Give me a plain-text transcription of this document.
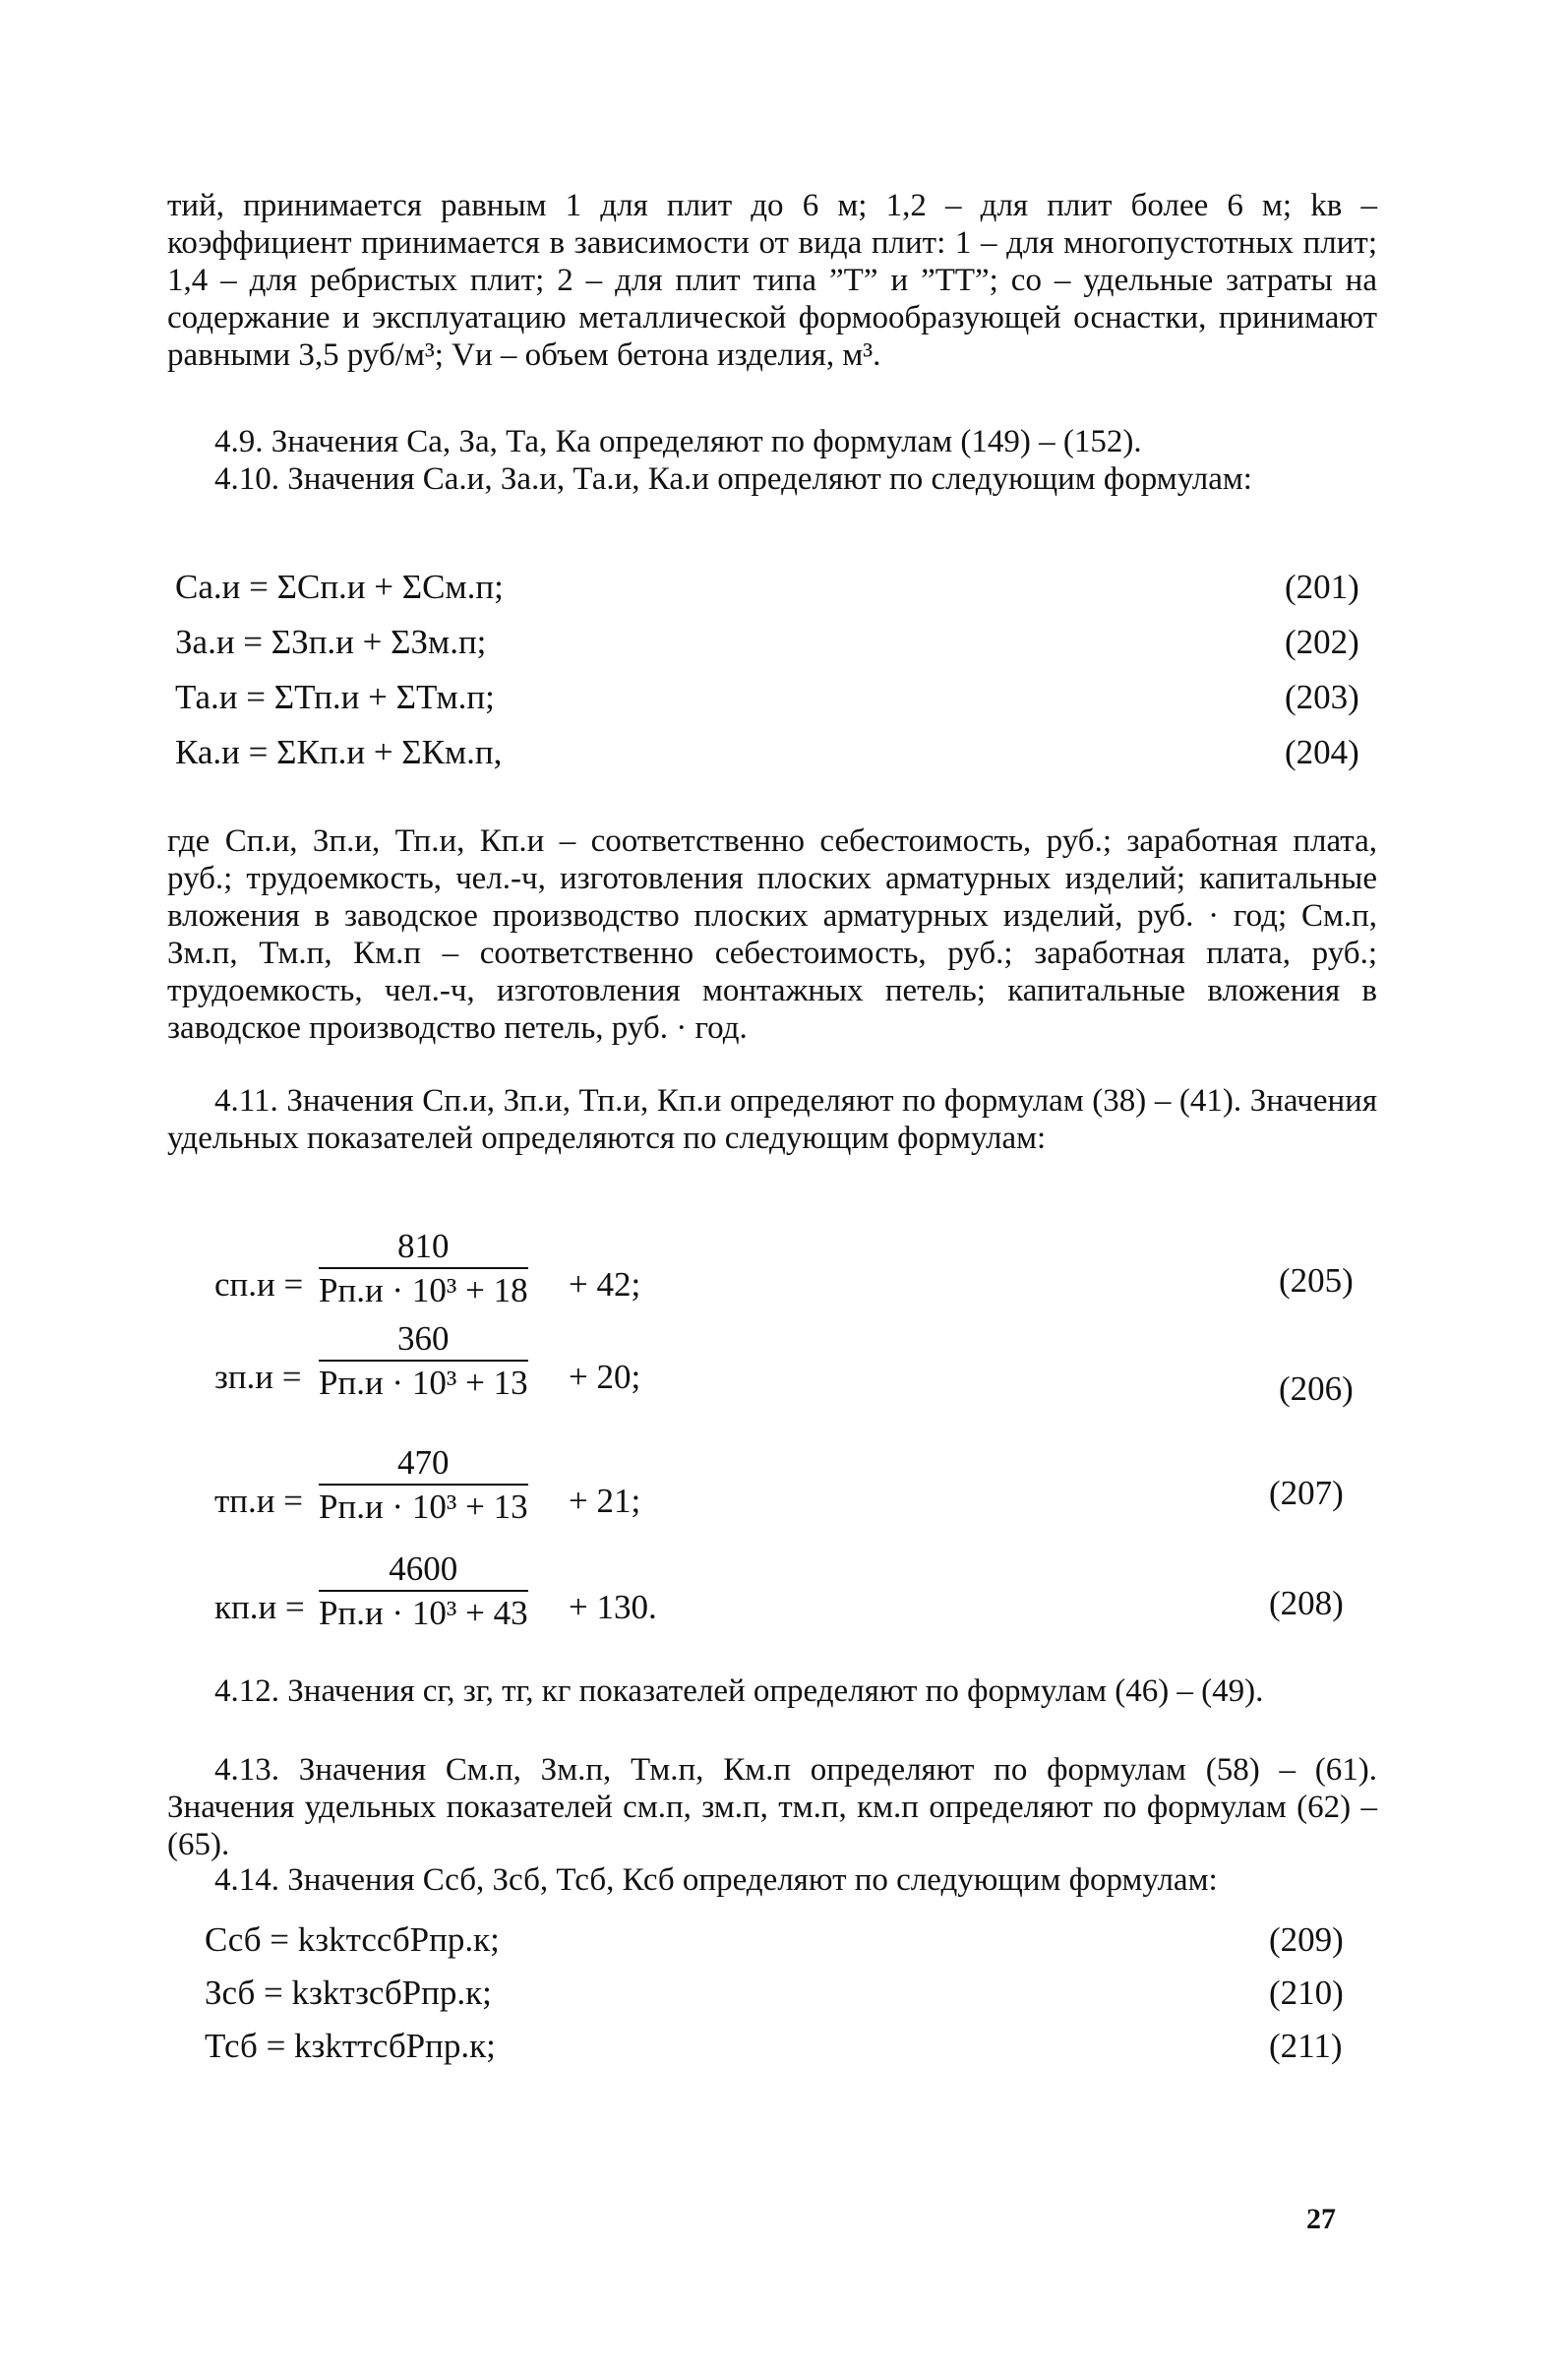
тий, принимается равным 1 для плит до 6 м; 1,2 – для плит более 6 м; kв – коэффициент принимается в зависимости от вида плит: 1 – для многопустотных плит; 1,4 – для ребристых плит; 2 – для плит типа ”Т” и ”ТТ”; со – удельные затраты на содержание и эксплуатацию металлической формообразующей оснастки, принимают равными 3,5 руб/м³; Vи – объем бетона изделия, м³.
4.9. Значения Са, За, Та, Ка определяют по формулам (149) – (152).
4.10. Значения Са.и, За.и, Та.и, Ка.и определяют по следующим формулам:
Са.и = ΣСп.и + ΣСм.п;	(201)
За.и = ΣЗп.и + ΣЗм.п;	(202)
Та.и = ΣТп.и + ΣТм.п;	(203)
Ка.и = ΣКп.и + ΣКм.п,	(204)
где Сп.и, Зп.и, Тп.и, Кп.и – соответственно себестоимость, руб.; заработная плата, руб.; трудоемкость, чел.-ч, изготовления плоских арматурных изделий; капитальные вложения в заводское производство плоских арматурных изделий, руб. · год; См.п, Зм.п, Тм.п, Км.п – соответственно себестоимость, руб.; заработная плата, руб.; трудоемкость, чел.-ч, изготовления монтажных петель; капитальные вложения в заводское производство петель, руб. · год.
4.11. Значения Сп.и, Зп.и, Тп.и, Кп.и определяют по формулам (38) – (41). Значения удельных показателей определяются по следующим формулам:
сп.и =
810
Рп.и · 10³ + 18 + 42;	(205)
зп.и =
360
Рп.и · 10³ + 13 + 20;	(206)
тп.и =
470
Рп.и · 10³ + 13 + 21;	(207)
кп.и =
4600
Рп.и · 10³ + 43 + 130.	(208)
4.12. Значения сг, зг, тг, кг показателей определяют по формулам (46) – (49).
4.13. Значения См.п, Зм.п, Тм.п, Км.п определяют по формулам (58) – (61). Значения удельных показателей см.п, зм.п, тм.п, км.п определяют по формулам (62) – (65).
4.14. Значения Ссб, Зсб, Тсб, Ксб определяют по следующим формулам:
Ссб = kзkтссбРпр.к;	(209)
Зсб = kзkтзсбРпр.к;	(210)
Тсб = kзkттсбРпр.к;	(211)
27
